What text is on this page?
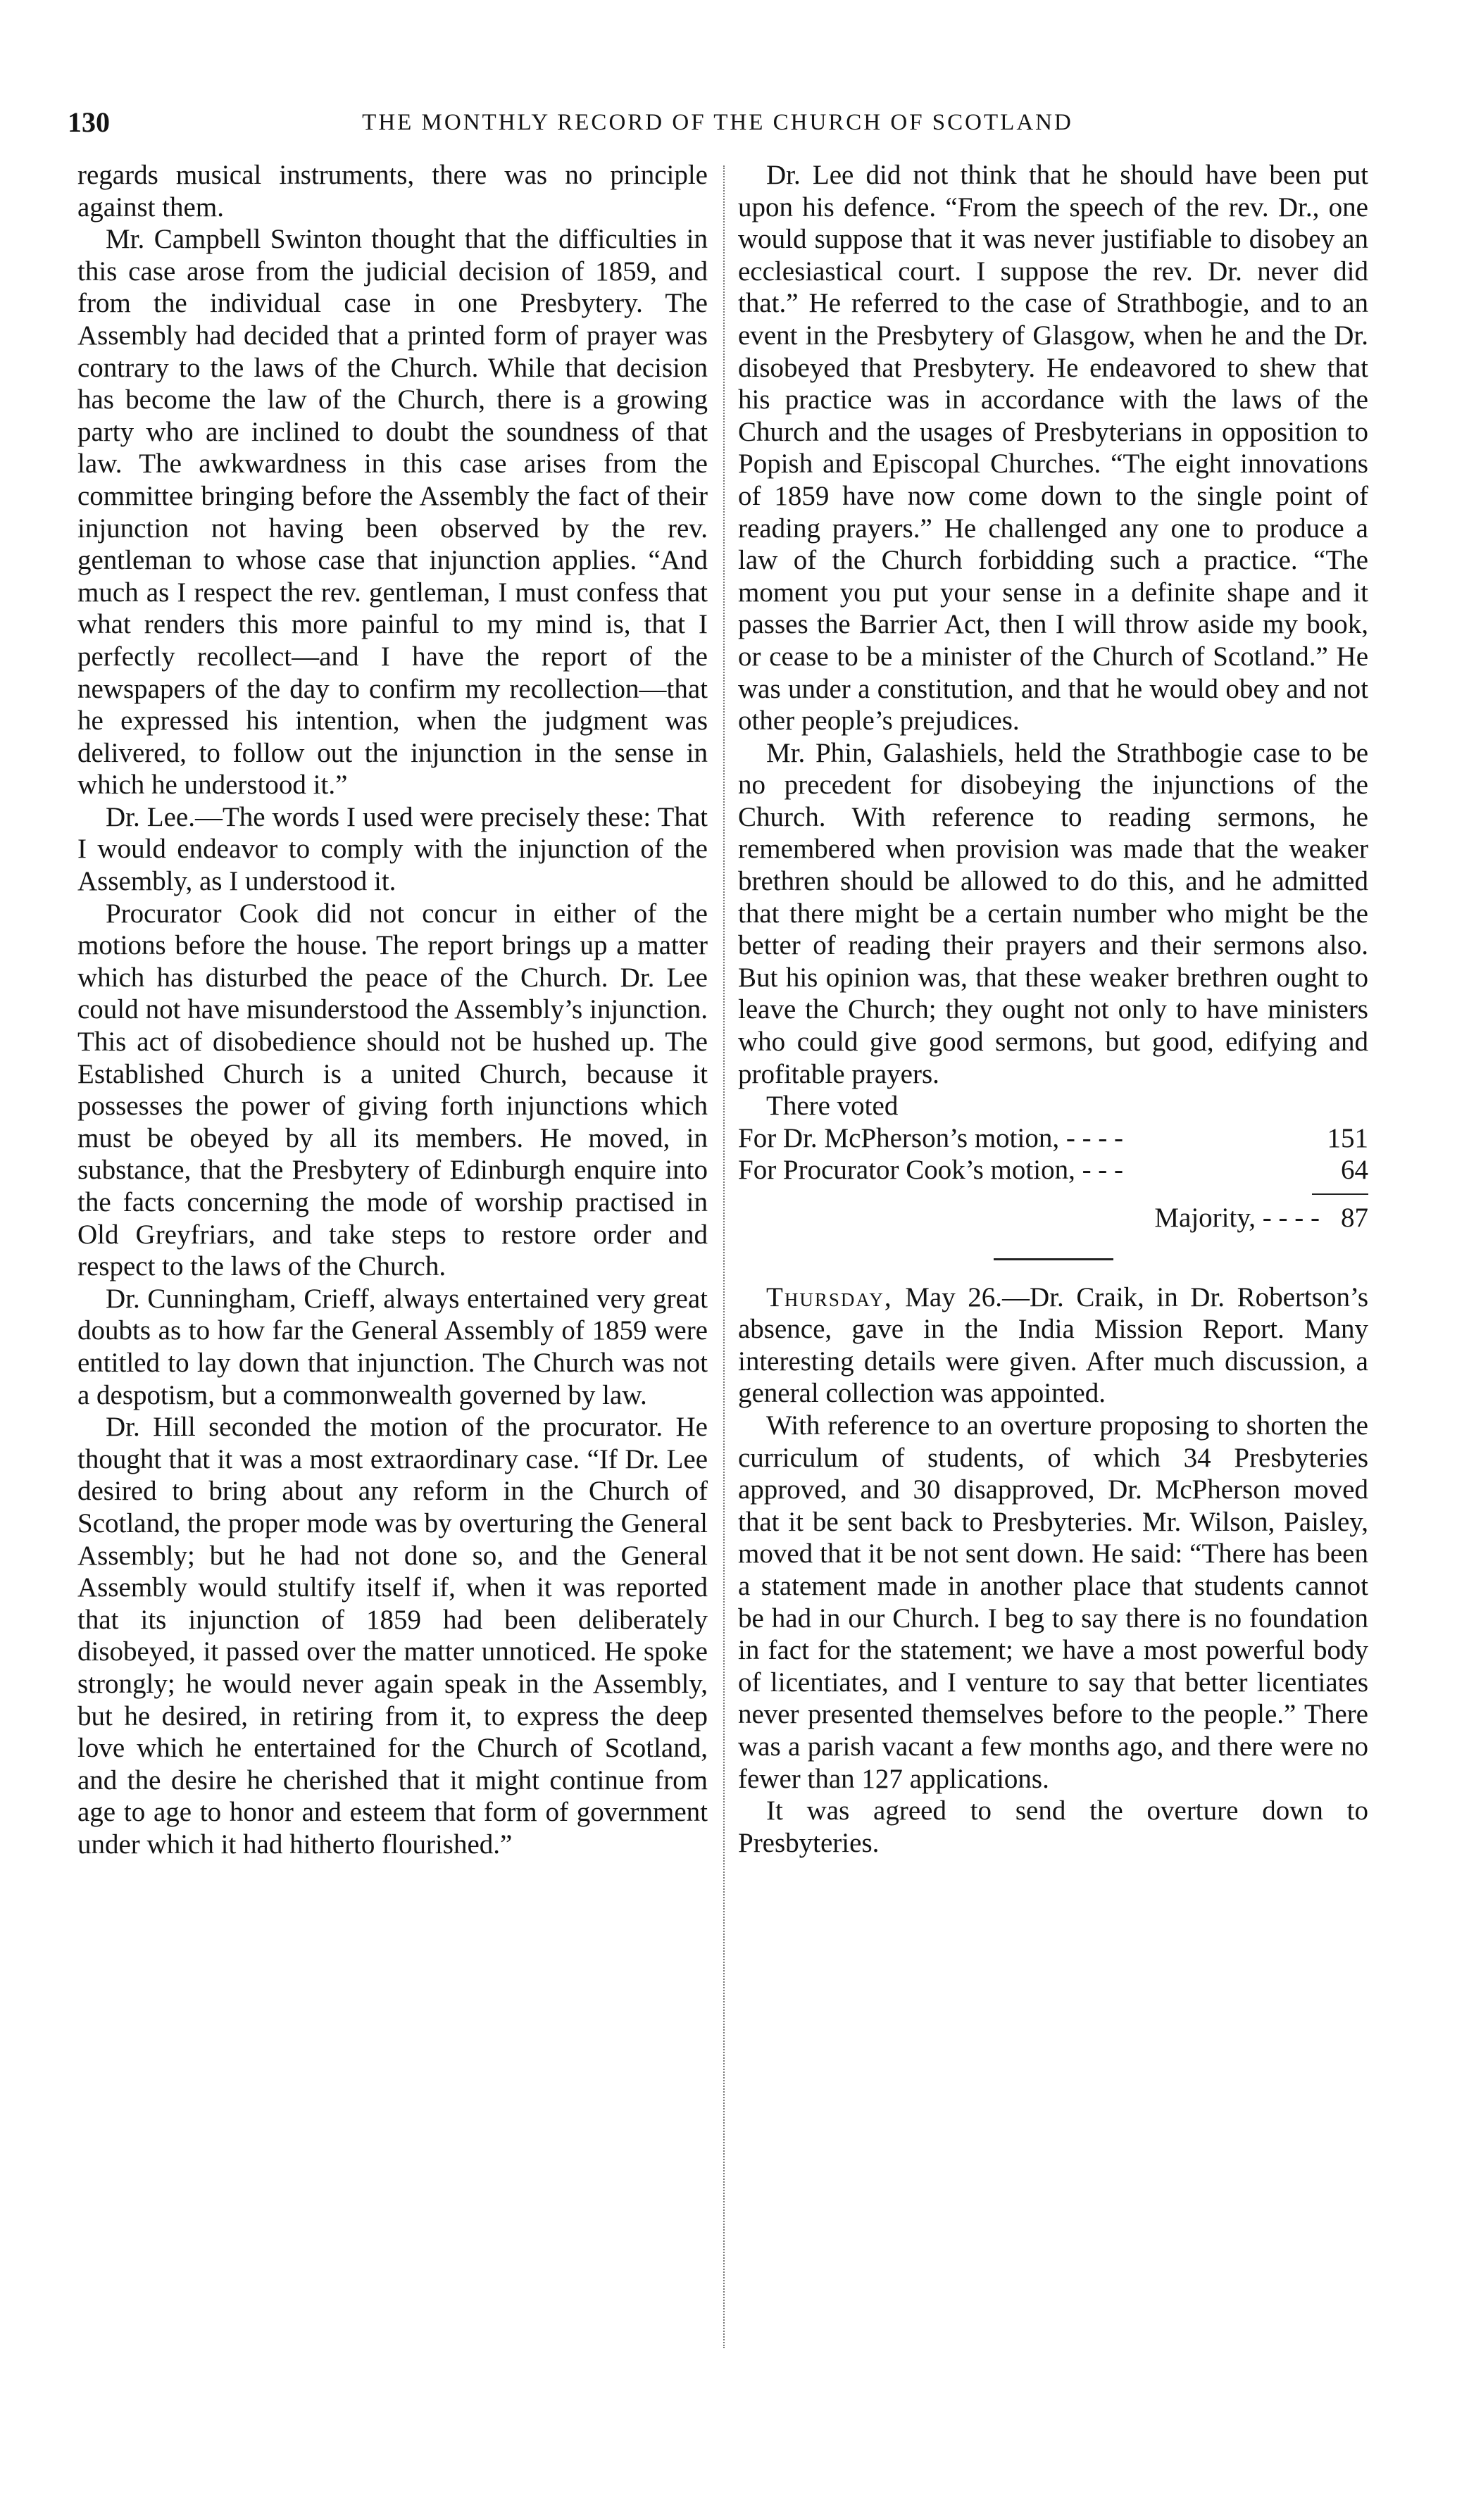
130	THE MONTHLY RECORD OF THE CHURCH OF SCOTLAND

regards musical instruments, there was no principle against them.

Mr. Campbell Swinton thought that the difficulties in this case arose from the judicial decision of 1859, and from the individual case in one Presbytery. The Assembly had decided that a printed form of prayer was contrary to the laws of the Church. While that decision has become the law of the Church, there is a growing party who are inclined to doubt the soundness of that law. The awkwardness in this case arises from the committee bringing before the Assembly the fact of their injunction not having been observed by the rev. gentleman to whose case that injunction applies. “And much as I respect the rev. gentleman, I must confess that what renders this more painful to my mind is, that I perfectly recollect—and I have the report of the newspapers of the day to confirm my recollection—that he expressed his intention, when the judgment was delivered, to follow out the injunction in the sense in which he understood it.”

Dr. Lee.—The words I used were precisely these: That I would endeavor to comply with the injunction of the Assembly, as I understood it.

Procurator Cook did not concur in either of the motions before the house. The report brings up a matter which has disturbed the peace of the Church. Dr. Lee could not have misunderstood the Assembly’s injunction. This act of disobedience should not be hushed up. The Established Church is a united Church, because it possesses the power of giving forth injunctions which must be obeyed by all its members. He moved, in substance, that the Presbytery of Edinburgh enquire into the facts concerning the mode of worship practised in Old Greyfriars, and take steps to restore order and respect to the laws of the Church.

Dr. Cunningham, Crieff, always entertained very great doubts as to how far the General Assembly of 1859 were entitled to lay down that injunction. The Church was not a despotism, but a commonwealth governed by law.

Dr. Hill seconded the motion of the procurator. He thought that it was a most extraordinary case. “If Dr. Lee desired to bring about any reform in the Church of Scotland, the proper mode was by overturing the General Assembly; but he had not done so, and the General Assembly would stultify itself if, when it was reported that its injunction of 1859 had been deliberately disobeyed, it passed over the matter unnoticed. He spoke strongly; he would never again speak in the Assembly, but he desired, in retiring from it, to express the deep love which he entertained for the Church of Scotland, and the desire he cherished that it might continue from age to age to honor and esteem that form of government under which it had hitherto flourished.”

Dr. Lee did not think that he should have been put upon his defence. “From the speech of the rev. Dr., one would suppose that it was never justifiable to disobey an ecclesiastical court. I suppose the rev. Dr. never did that.” He referred to the case of Strathbogie, and to an event in the Presbytery of Glasgow, when he and the Dr. disobeyed that Presbytery. He endeavored to shew that his practice was in accordance with the laws of the Church and the usages of Presbyterians in opposition to Popish and Episcopal Churches. “The eight innovations of 1859 have now come down to the single point of reading prayers.” He challenged any one to produce a law of the Church forbidding such a practice. “The moment you put your sense in a definite shape and it passes the Barrier Act, then I will throw aside my book, or cease to be a minister of the Church of Scotland.” He was under a constitution, and that he would obey and not other people’s prejudices.

Mr. Phin, Galashiels, held the Strathbogie case to be no precedent for disobeying the injunctions of the Church. With reference to reading sermons, he remembered when provision was made that the weaker brethren should be allowed to do this, and he admitted that there might be a certain number who might be the better of reading their prayers and their sermons also. But his opinion was, that these weaker brethren ought to leave the Church; they ought not only to have ministers who could give good sermons, but good, edifying and profitable prayers.

There voted

For Dr. McPherson’s motion, - - - -	151
For Procurator Cook’s motion, - - -	64
Majority, - - - - 87

Thursday, May 26.—Dr. Craik, in Dr. Robertson’s absence, gave in the India Mission Report. Many interesting details were given. After much discussion, a general collection was appointed.

With reference to an overture proposing to shorten the curriculum of students, of which 34 Presbyteries approved, and 30 disapproved, Dr. McPherson moved that it be sent back to Presbyteries. Mr. Wilson, Paisley, moved that it be not sent down. He said: “There has been a statement made in another place that students cannot be had in our Church. I beg to say there is no foundation in fact for the statement; we have a most powerful body of licentiates, and I venture to say that better licentiates never presented themselves before to the people.” There was a parish vacant a few months ago, and there were no fewer than 127 applications.

It was agreed to send the overture down to Presbyteries.
